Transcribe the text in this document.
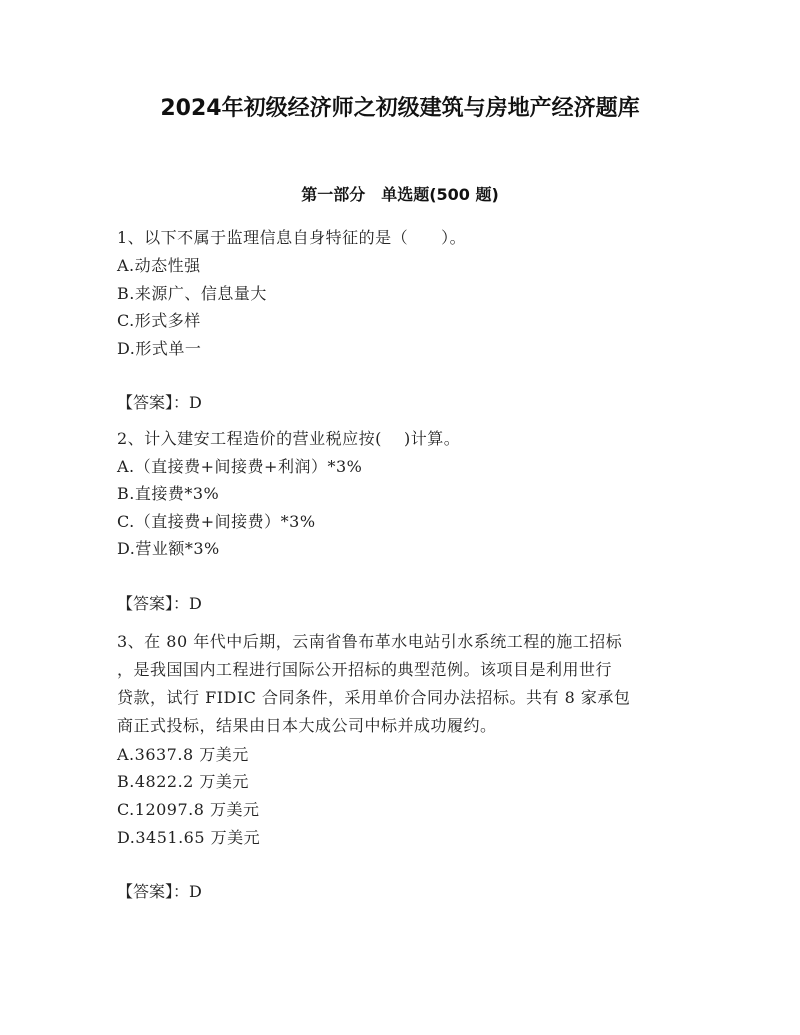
2024年初级经济师之初级建筑与房地产经济题库
第一部分　单选题(500 题)
1、以下不属于监理信息自身特征的是（　　）。
A.动态性强
B.来源广、信息量大
C.形式多样
D.形式单一
【答案】：D
2、计入建安工程造价的营业税应按(　 )计算。
A.（直接费+间接费+利润）*3%
B.直接费*3%
C.（直接费+间接费）*3%
D.营业额*3%
【答案】：D
3、在 80 年代中后期，云南省鲁布革水电站引水系统工程的施工招标
，是我国国内工程进行国际公开招标的典型范例。该项目是利用世行
贷款，试行 FIDIC 合同条件，采用单价合同办法招标。共有 8 家承包
商正式投标，结果由日本大成公司中标并成功履约。
A.3637.8 万美元
B.4822.2 万美元
C.12097.8 万美元
D.3451.65 万美元
【答案】：D
